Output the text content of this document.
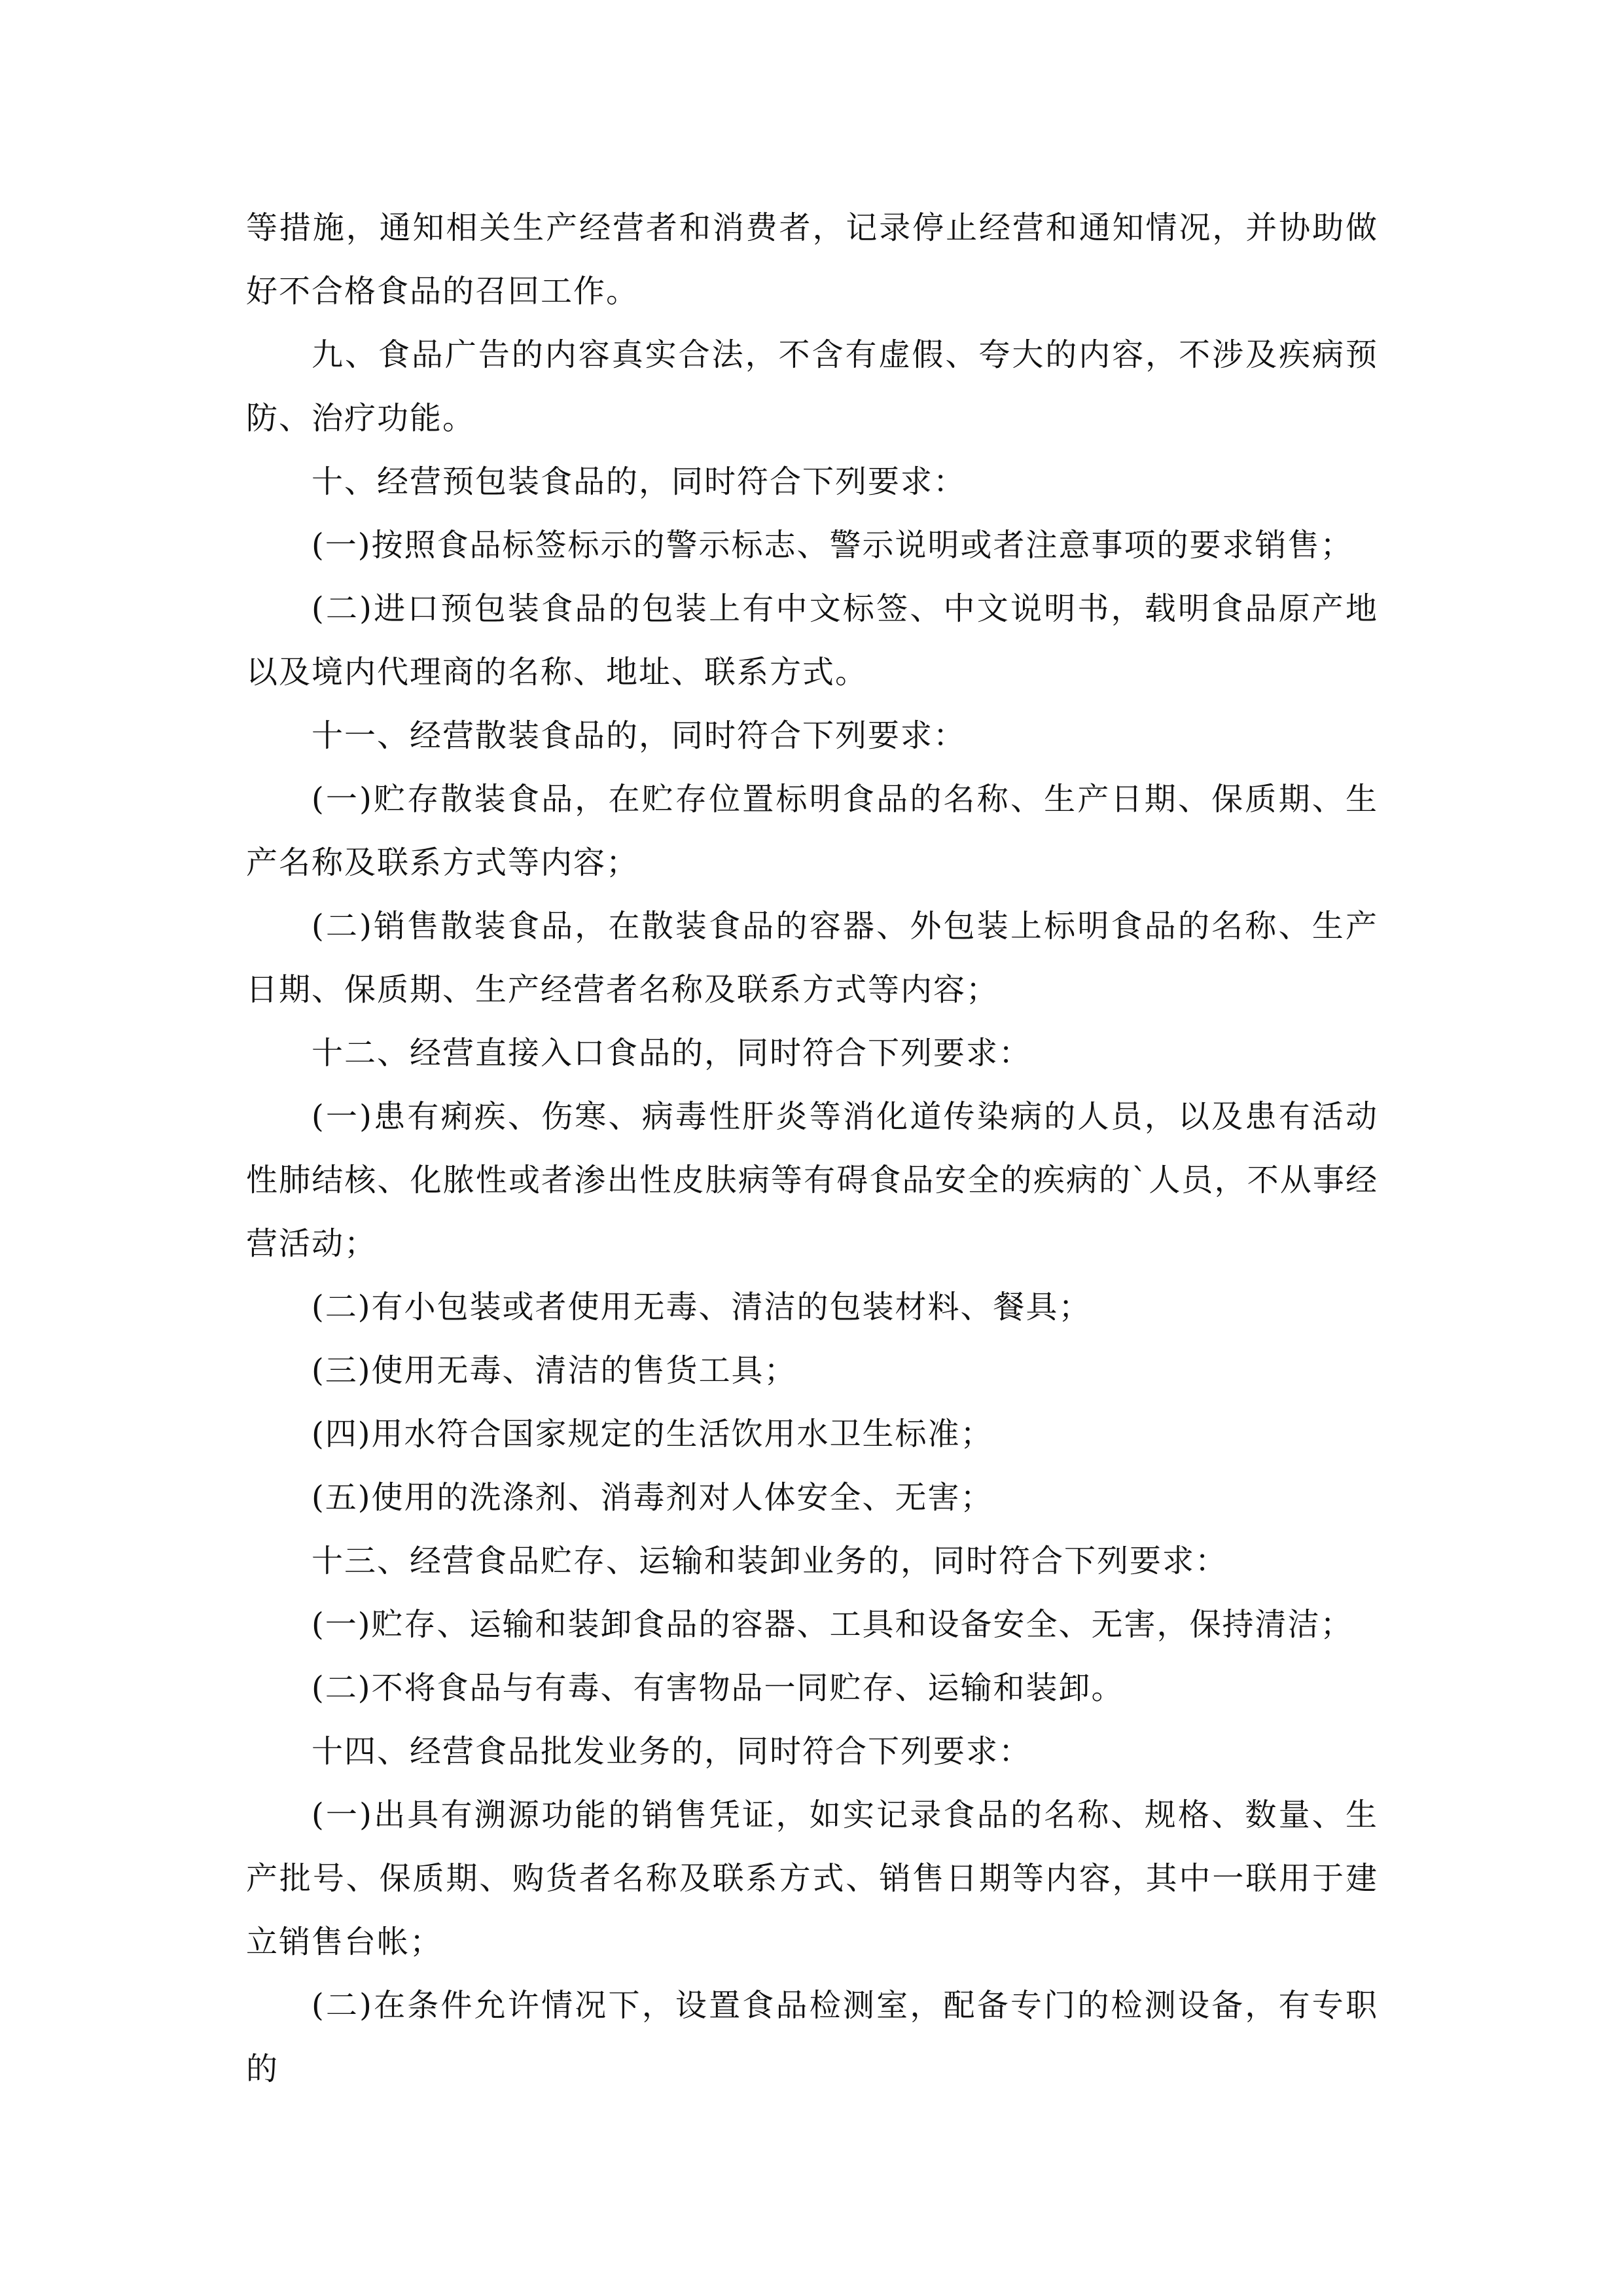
等措施，通知相关生产经营者和消费者，记录停止经营和通知情况，并协助做好不合格食品的召回工作。

九、食品广告的内容真实合法，不含有虚假、夸大的内容，不涉及疾病预防、治疗功能。

十、经营预包装食品的，同时符合下列要求：

(一)按照食品标签标示的警示标志、警示说明或者注意事项的要求销售；

(二)进口预包装食品的包装上有中文标签、中文说明书，载明食品原产地以及境内代理商的名称、地址、联系方式。

十一、经营散装食品的，同时符合下列要求：

(一)贮存散装食品，在贮存位置标明食品的名称、生产日期、保质期、生产名称及联系方式等内容；

(二)销售散装食品，在散装食品的容器、外包装上标明食品的名称、生产日期、保质期、生产经营者名称及联系方式等内容；

十二、经营直接入口食品的，同时符合下列要求：

(一)患有痢疾、伤寒、病毒性肝炎等消化道传染病的人员，以及患有活动性肺结核、化脓性或者渗出性皮肤病等有碍食品安全的疾病的`人员，不从事经营活动；

(二)有小包装或者使用无毒、清洁的包装材料、餐具；

(三)使用无毒、清洁的售货工具；

(四)用水符合国家规定的生活饮用水卫生标准；

(五)使用的洗涤剂、消毒剂对人体安全、无害；

十三、经营食品贮存、运输和装卸业务的，同时符合下列要求：

(一)贮存、运输和装卸食品的容器、工具和设备安全、无害，保持清洁；

(二)不将食品与有毒、有害物品一同贮存、运输和装卸。

十四、经营食品批发业务的，同时符合下列要求：

(一)出具有溯源功能的销售凭证，如实记录食品的名称、规格、数量、生产批号、保质期、购货者名称及联系方式、销售日期等内容，其中一联用于建立销售台帐；

(二)在条件允许情况下，设置食品检测室，配备专门的检测设备，有专职的
